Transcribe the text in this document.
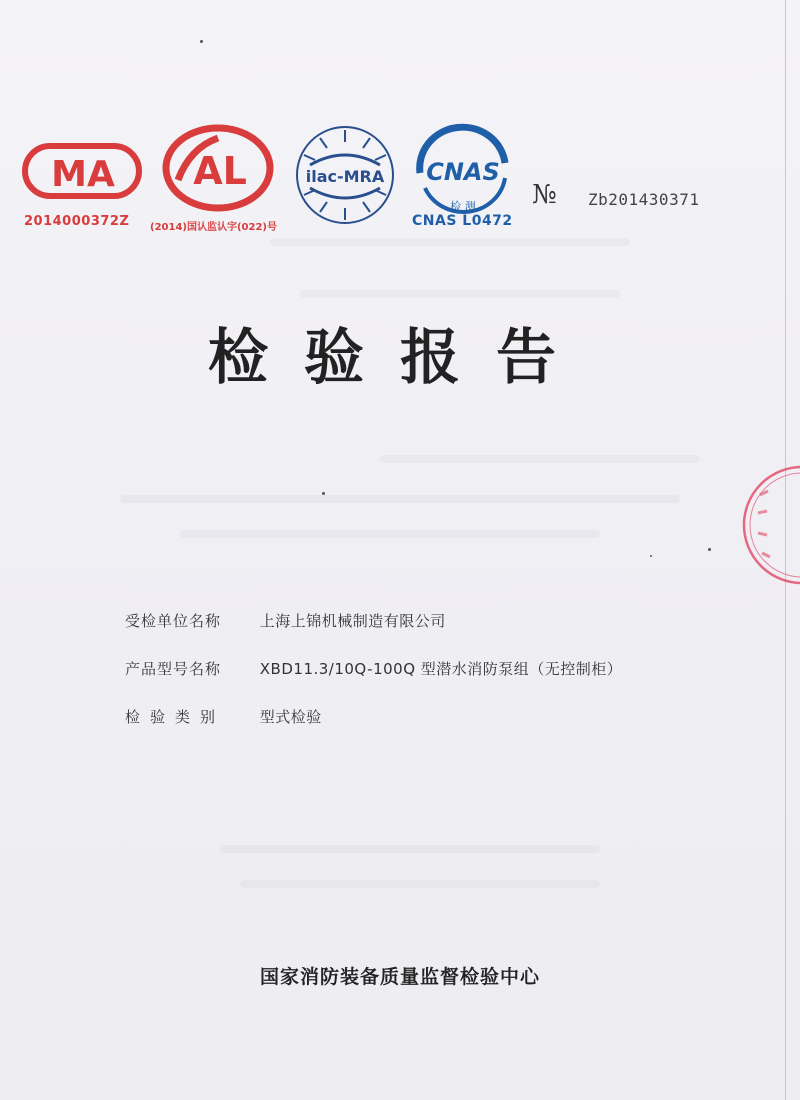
MA
2014000372Z
AL
(2014)国认监认字(022)号
ilac-MRA CNAS
检 测
CNAS L0472
№ Zb201430371
检验报告
受检单位名称	上海上锦机械制造有限公司
产品型号名称	XBD11.3/10Q-100Q 型潜水消防泵组（无控制柜）
检验类别 型式检验
国家消防装备质量监督检验中心
